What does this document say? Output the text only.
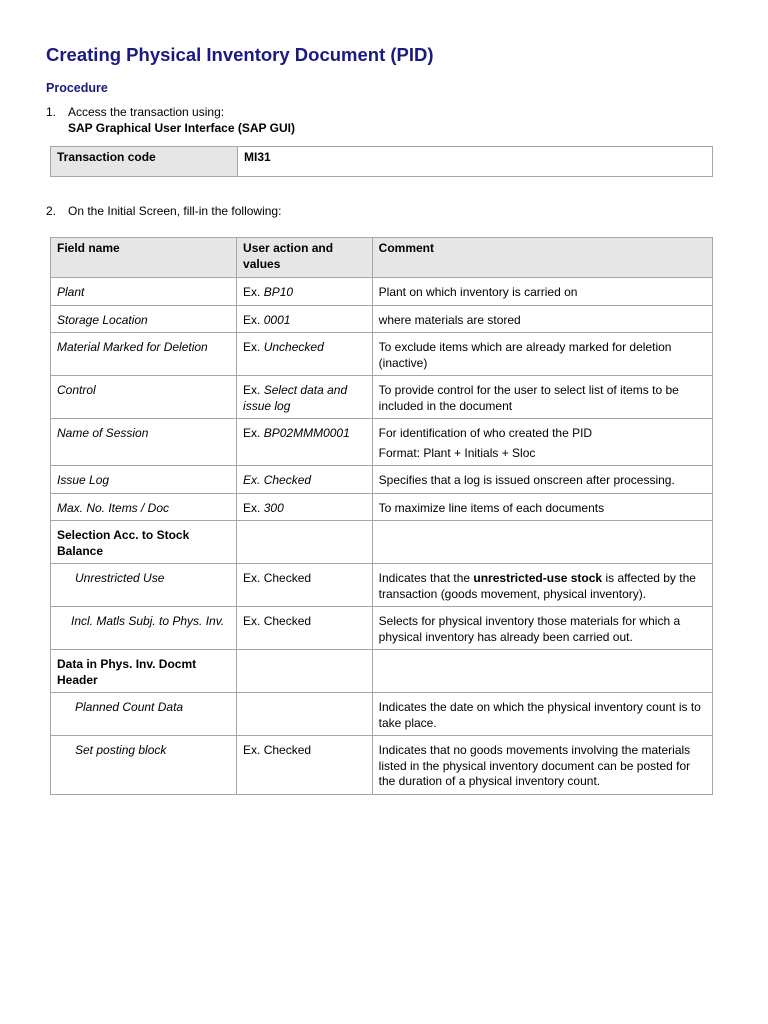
Creating Physical Inventory Document (PID)
Procedure
1. Access the transaction using:
SAP Graphical User Interface (SAP GUI)
Transaction code	MI31
2. On the Initial Screen, fill-in the following:
Field name	User action and values	Comment
Plant	Ex. BP10	Plant on which inventory is carried on
Storage Location	Ex. 0001	where materials are stored
Material Marked for Deletion	Ex. Unchecked	To exclude items which are already marked for deletion (inactive)
Control	Ex. Select data and issue log	To provide control for the user to select list of items to be included in the document
Name of Session	Ex. BP02MMM0001	For identification of who created the PID
Format: Plant + Initials + Sloc

Issue Log	Ex. Checked	Specifies that a log is issued onscreen after processing.
Max. No. Items / Doc	Ex. 300	To maximize line items of each documents
Selection Acc. to Stock Balance		
Unrestricted Use	Ex. Checked	Indicates that the unrestricted-use stock is affected by the transaction (goods movement, physical inventory).
Incl. Matls Subj. to Phys. Inv.	Ex. Checked	Selects for physical inventory those materials for which a physical inventory has already been carried out.
Data in Phys. Inv. Docmt Header		
Planned Count Data		Indicates the date on which the physical inventory count is to take place.
Set posting block	Ex. Checked	Indicates that no goods movements involving the materials listed in the physical inventory document can be posted for the duration of a physical inventory count.
